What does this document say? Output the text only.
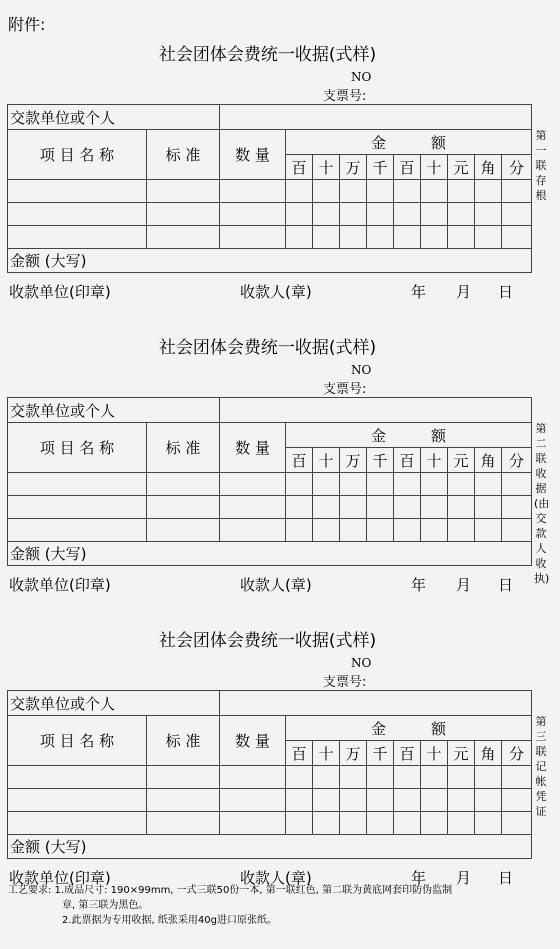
附件:
社会团体会费统一收据(式样)
NO
支票号:
交款单位或个人											
项 目 名 称	标 准	数 量	金　　　额								
			百	十	万	千	百	十	元	角	分

金额 (大写)											
收款单位(印章)	收款人(章)	年 月 日
第一联存根
社会团体会费统一收据(式样)
NO
支票号:
交款单位或个人											
项 目 名 称	标 准	数 量	金　　　额								
			百	十	万	千	百	十	元	角	分

金额 (大写)											
收款单位(印章)	收款人(章)	年 月 日
第二联收据(由交款人收执)
社会团体会费统一收据(式样)
NO
支票号:
交款单位或个人											
项 目 名 称	标 准	数 量	金　　　额								
			百	十	万	千	百	十	元	角	分

金额 (大写)											
收款单位(印章)	收款人(章)	年 月 日
第三联记帐凭证
工艺要求: 1.成品尺寸: 190×99mm, 一式三联50份一本, 第一联红色, 第二联为黄底网套印防伪监制
章, 第三联为黑色。
2.此票据为专用收据, 纸张采用40g进口原张纸。
